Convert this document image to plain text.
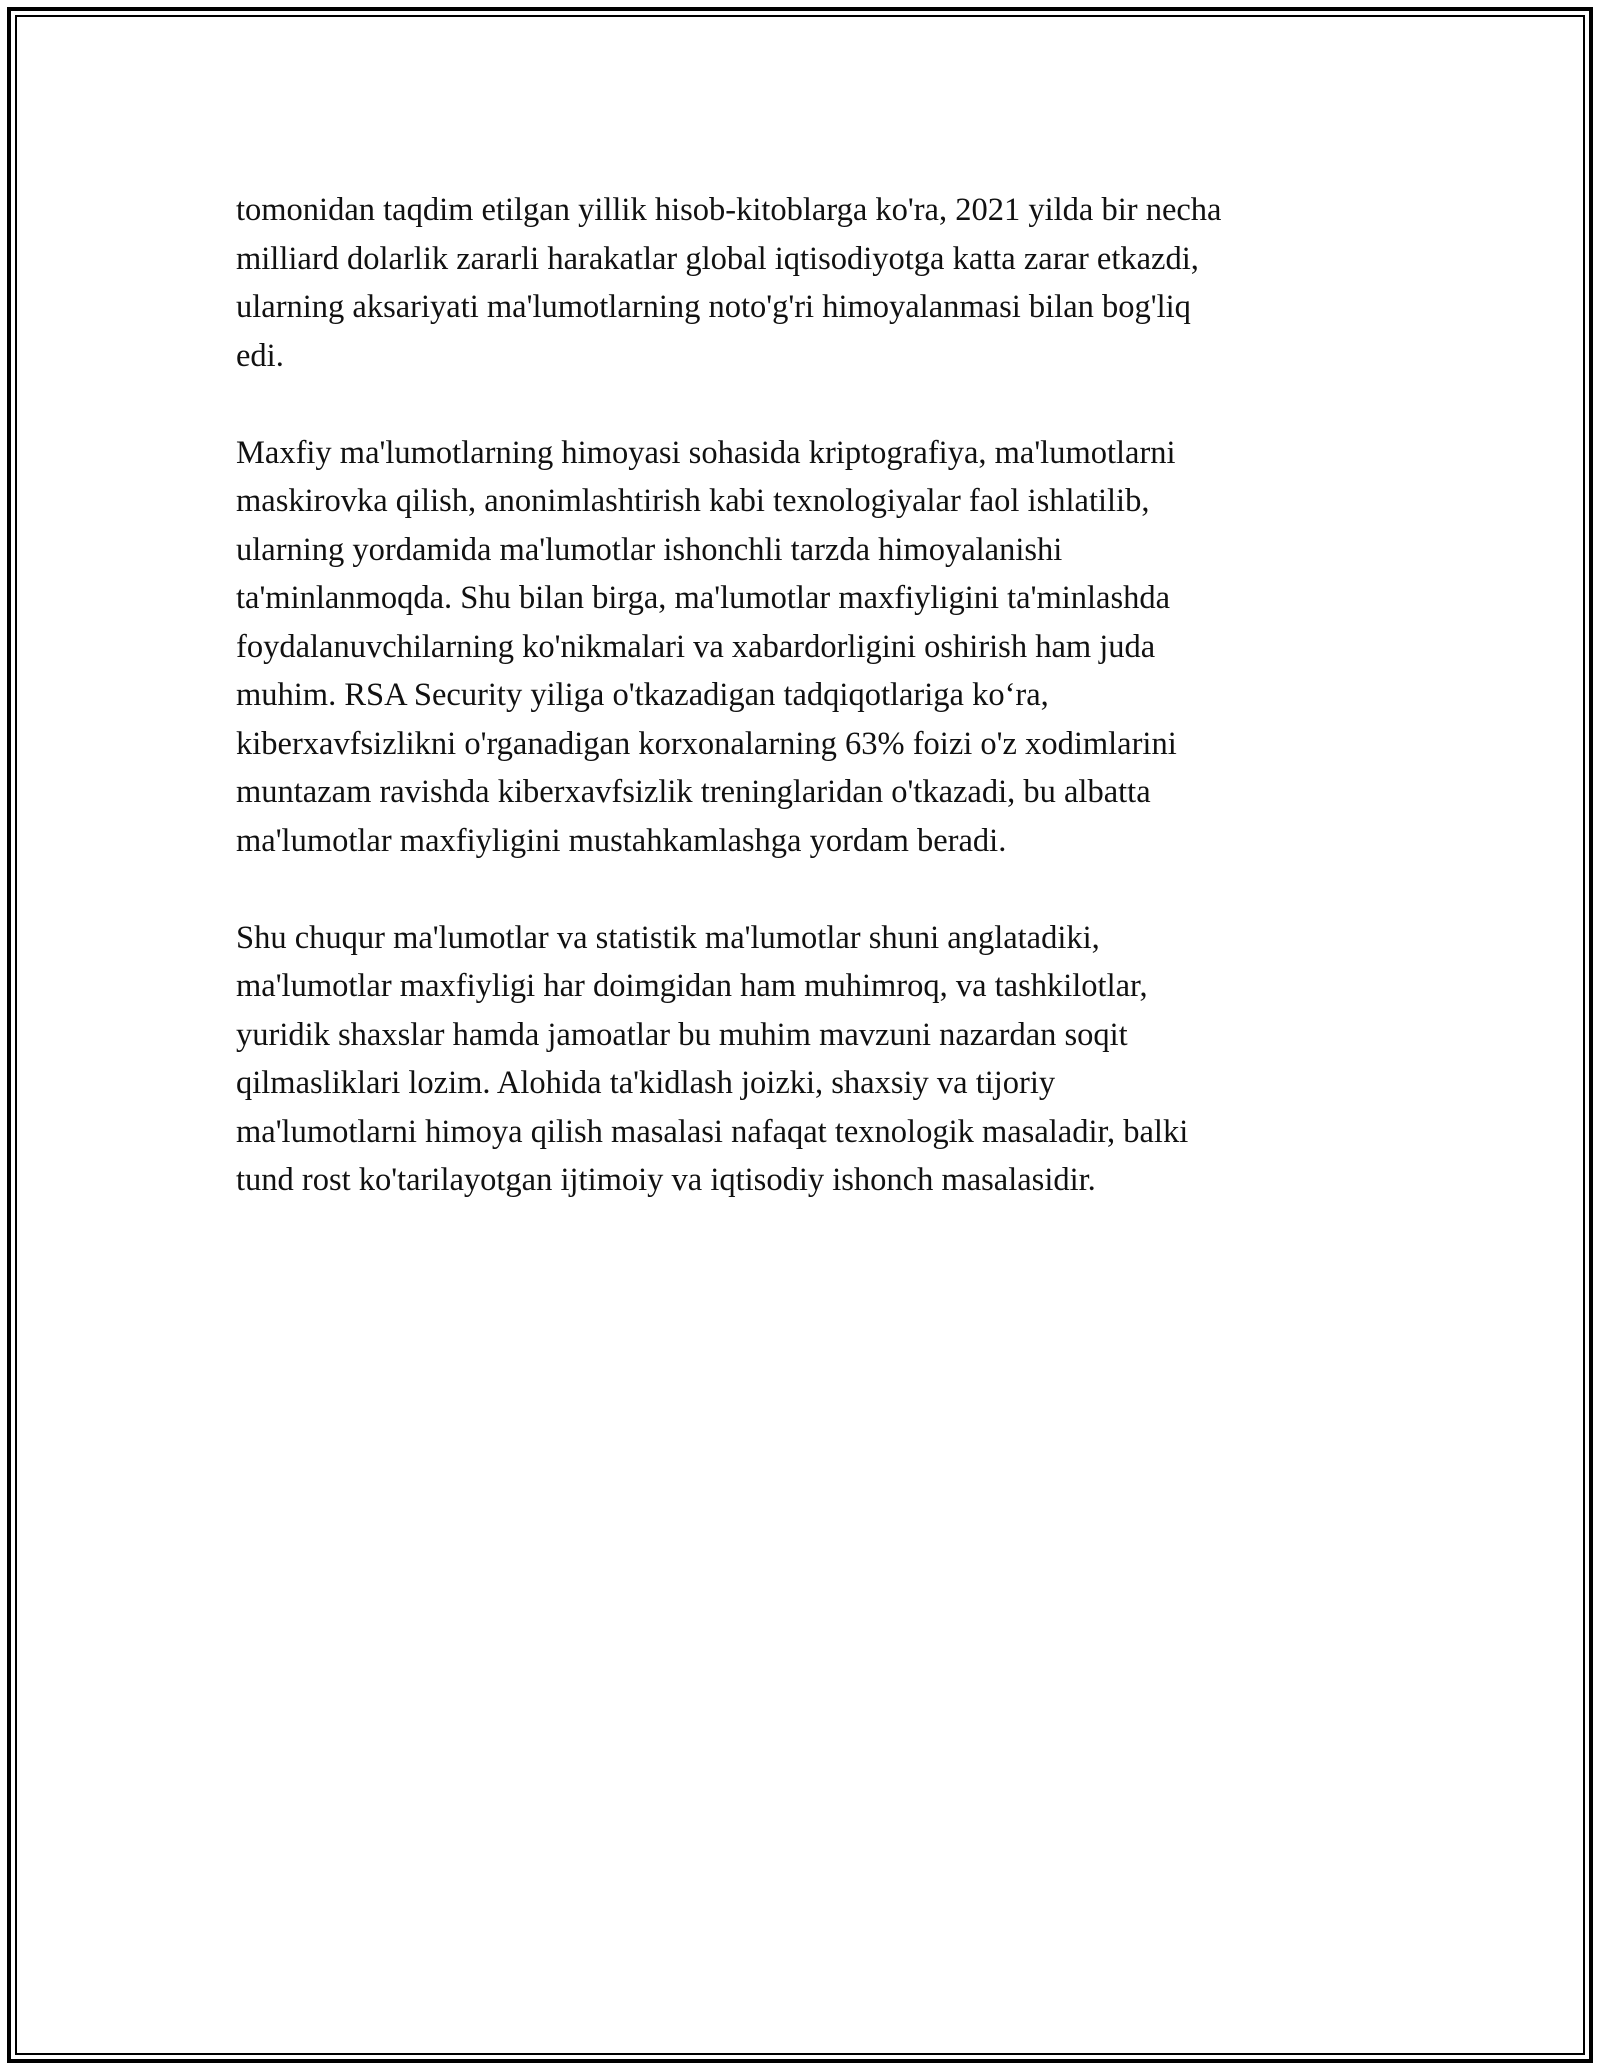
tomonidan taqdim etilgan yillik hisob-kitoblarga ko'ra, 2021 yilda bir necha
milliard dolarlik zararli harakatlar global iqtisodiyotga katta zarar etkazdi,
ularning aksariyati ma'lumotlarning noto'g'ri himoyalanmasi bilan bog'liq
edi.

Maxfiy ma'lumotlarning himoyasi sohasida kriptografiya, ma'lumotlarni
maskirovka qilish, anonimlashtirish kabi texnologiyalar faol ishlatilib,
ularning yordamida ma'lumotlar ishonchli tarzda himoyalanishi
ta'minlanmoqda. Shu bilan birga, ma'lumotlar maxfiyligini ta'minlashda
foydalanuvchilarning ko'nikmalari va xabardorligini oshirish ham juda
muhim. RSA Security yiliga o'tkazadigan tadqiqotlariga ko‘ra,
kiberxavfsizlikni o'rganadigan korxonalarning 63% foizi o'z xodimlarini
muntazam ravishda kiberxavfsizlik treninglaridan o'tkazadi, bu albatta
ma'lumotlar maxfiyligini mustahkamlashga yordam beradi.

Shu chuqur ma'lumotlar va statistik ma'lumotlar shuni anglatadiki,
ma'lumotlar maxfiyligi har doimgidan ham muhimroq, va tashkilotlar,
yuridik shaxslar hamda jamoatlar bu muhim mavzuni nazardan soqit
qilmasliklari lozim. Alohida ta'kidlash joizki, shaxsiy va tijoriy
ma'lumotlarni himoya qilish masalasi nafaqat texnologik masaladir, balki
tund rost ko'tarilayotgan ijtimoiy va iqtisodiy ishonch masalasidir.
